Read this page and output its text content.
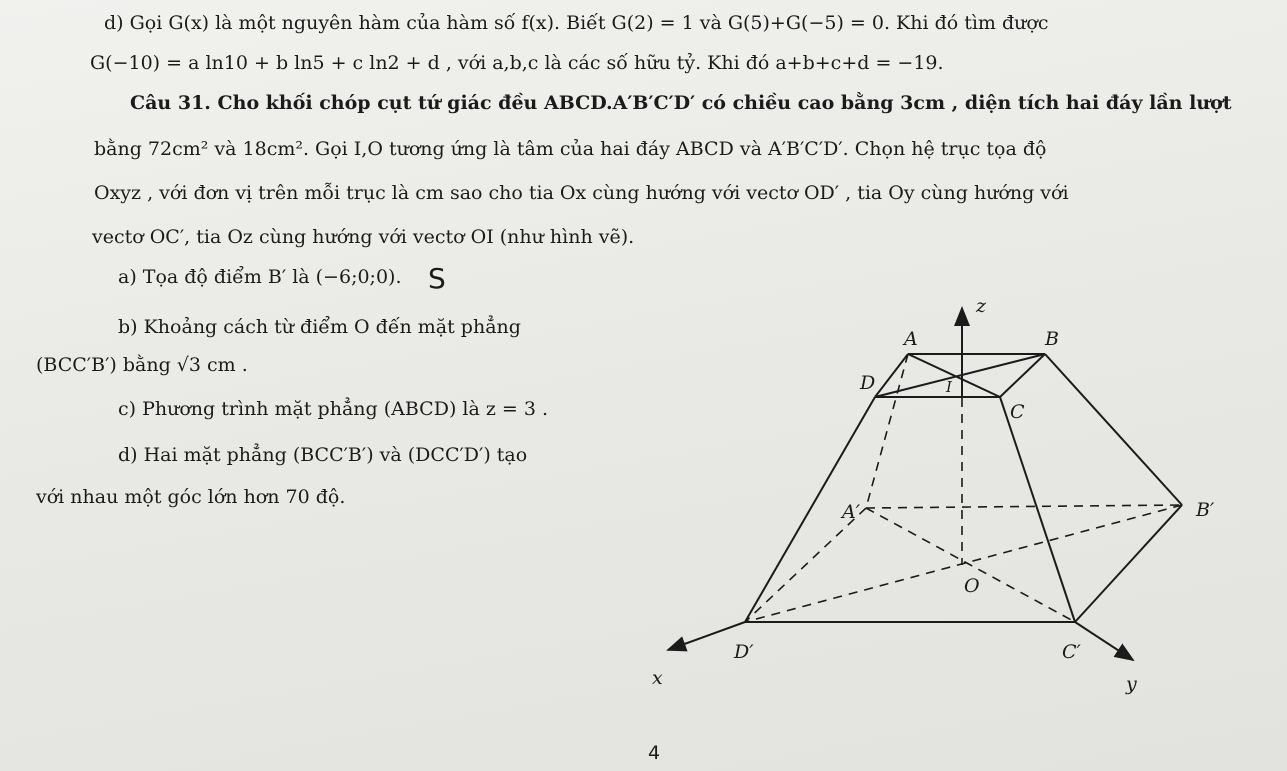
d) Gọi G(x) là một nguyên hàm của hàm số f(x). Biết G(2) = 1 và G(5)+G(−5) = 0. Khi đó tìm được
G(−10) = a ln10 + b ln5 + c ln2 + d , với a,b,c là các số hữu tỷ. Khi đó a+b+c+d = −19.
Câu 31. Cho khối chóp cụt tứ giác đều ABCD.A′B′C′D′ có chiều cao bằng 3cm , diện tích hai đáy lần lượt
bằng 72cm² và 18cm². Gọi I,O tương ứng là tâm của hai đáy ABCD và A′B′C′D′. Chọn hệ trục tọa độ
Oxyz , với đơn vị trên mỗi trục là cm sao cho tia Ox cùng hướng với vectơ OD′ , tia Oy cùng hướng với
vectơ OC′, tia Oz cùng hướng với vectơ OI (như hình vẽ).
a) Tọa độ điểm B′ là (−6;0;0). S
b) Khoảng cách từ điểm O đến mặt phẳng
(BCC′B′) bằng √3 cm .
c) Phương trình mặt phẳng (ABCD) là z = 3 .
d) Hai mặt phẳng (BCC′B′) và (DCC′D′) tạo
với nhau một góc lớn hơn 70 độ.
4
z
A	B
D	I
C
A′	B′
O
D′	C′
x	y
